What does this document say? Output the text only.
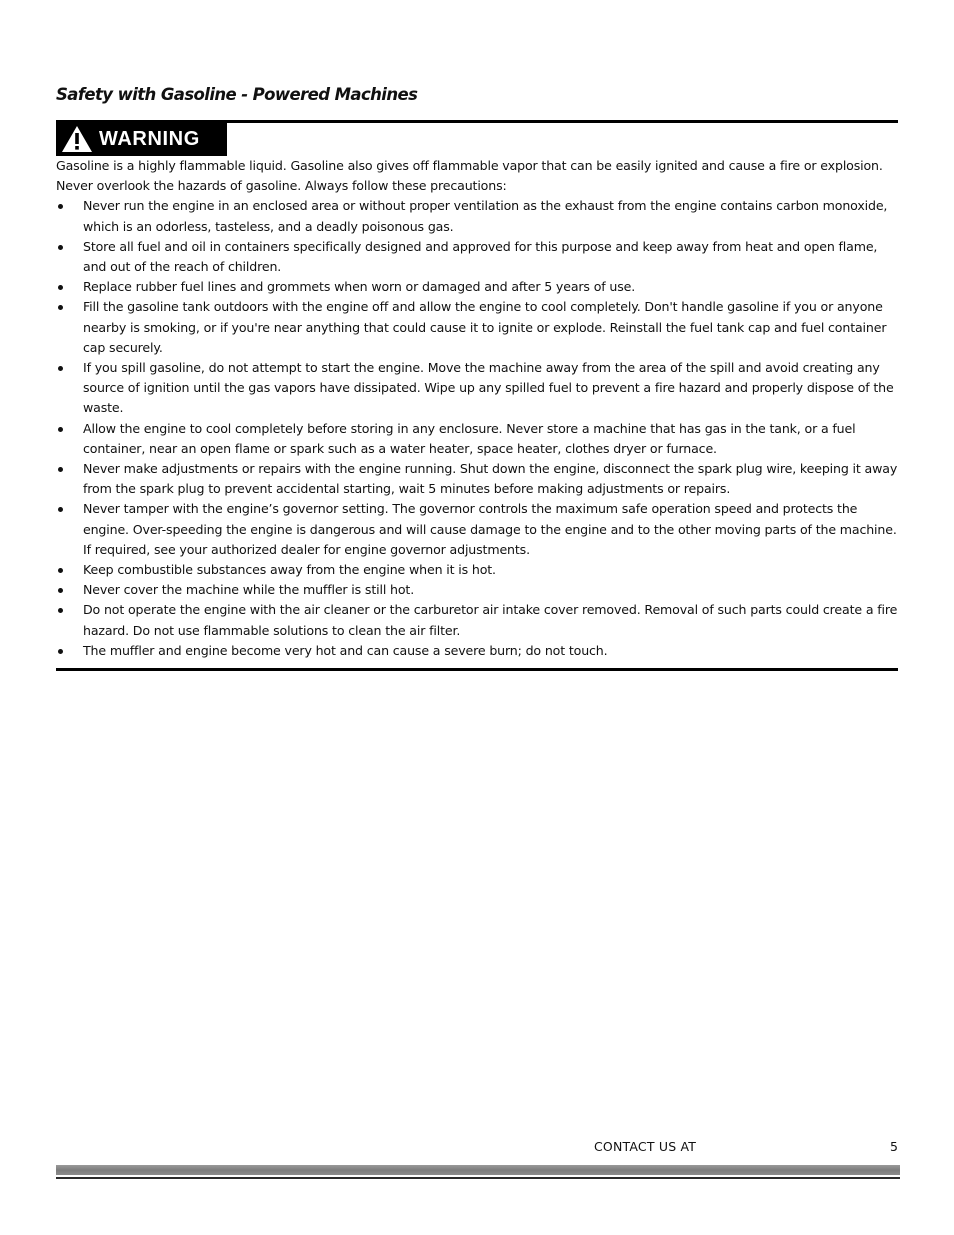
Safety with Gasoline - Powered Machines
WARNING

Gasoline is a highly flammable liquid. Gasoline also gives off flammable vapor that can be easily ignited and cause a fire or explosion. Never overlook the hazards of gasoline. Always follow these precautions:

Never run the engine in an enclosed area or without proper ventilation as the exhaust from the engine contains carbon monoxide, which is an odorless, tasteless, and a deadly poisonous gas.
Store all fuel and oil in containers specifically designed and approved for this purpose and keep away from heat and open flame, and out of the reach of children.
Replace rubber fuel lines and grommets when worn or damaged and after 5 years of use.
Fill the gasoline tank outdoors with the engine off and allow the engine to cool completely. Don't handle gasoline if you or anyone nearby is smoking, or if you're near anything that could cause it to ignite or explode. Reinstall the fuel tank cap and fuel container cap securely.
If you spill gasoline, do not attempt to start the engine. Move the machine away from the area of the spill and avoid creating any source of ignition until the gas vapors have dissipated. Wipe up any spilled fuel to prevent a fire hazard and properly dispose of the waste.
Allow the engine to cool completely before storing in any enclosure. Never store a machine that has gas in the tank, or a fuel container, near an open flame or spark such as a water heater, space heater, clothes dryer or furnace.
Never make adjustments or repairs with the engine running. Shut down the engine, disconnect the spark plug wire, keeping it away from the spark plug to prevent accidental starting, wait 5 minutes before making adjustments or repairs.
Never tamper with the engine’s governor setting. The governor controls the maximum safe operation speed and protects the engine. Over-speeding the engine is dangerous and will cause damage to the engine and to the other moving parts of the machine. If required, see your authorized dealer for engine governor adjustments.
Keep combustible substances away from the engine when it is hot.
Never cover the machine while the muffler is still hot.
Do not operate the engine with the air cleaner or the carburetor air intake cover removed. Removal of such parts could create a fire hazard. Do not use flammable solutions to clean the air filter.
The muffler and engine become very hot and can cause a severe burn; do not touch.
CONTACT US AT	5
